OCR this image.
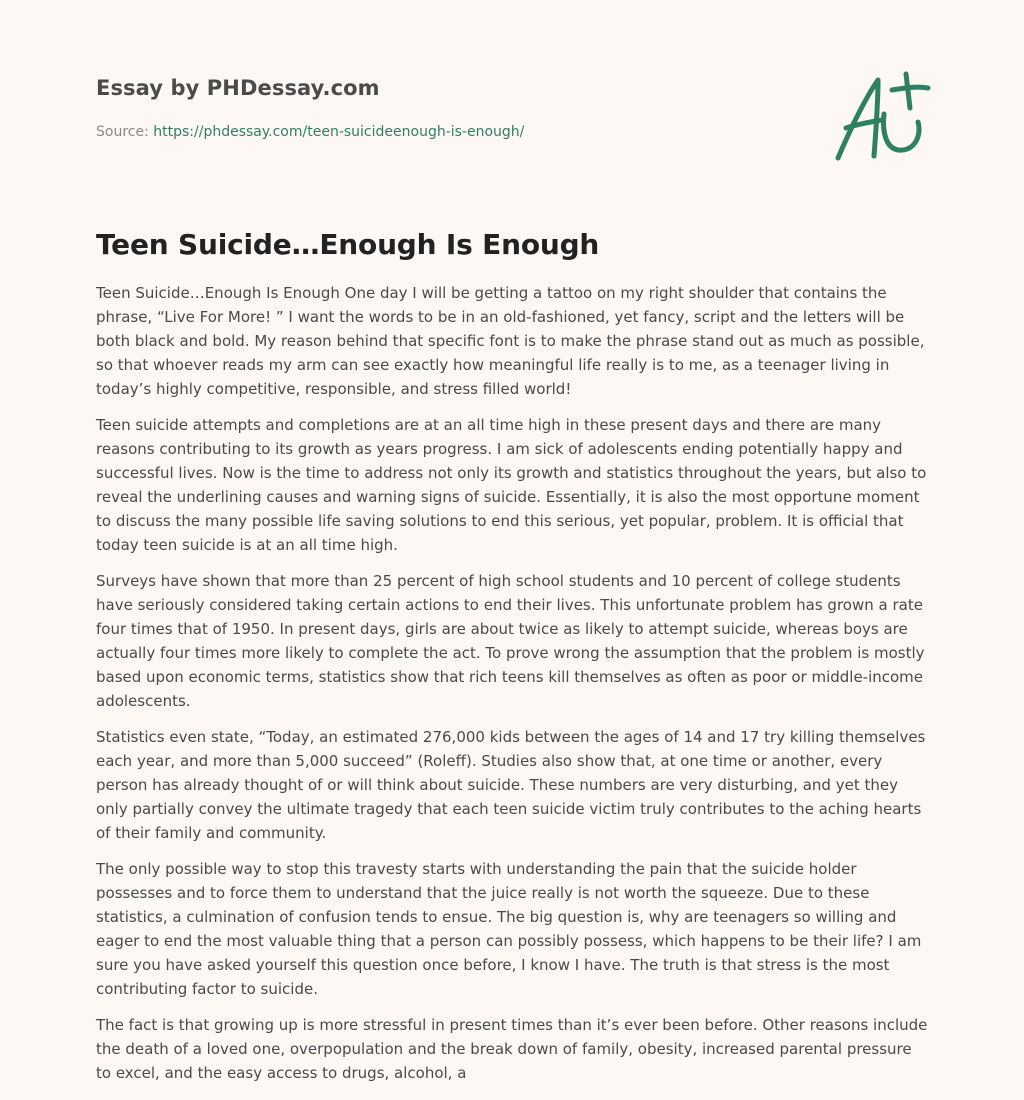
Essay by PHDessay.com
Source: https://phdessay.com/teen-suicideenough-is-enough/
Teen Suicide…Enough Is Enough

Teen Suicide…Enough Is Enough One day I will be getting a tattoo on my right shoulder that contains the phrase, “Live For More! ” I want the words to be in an old-fashioned, yet fancy, script and the letters will be both black and bold. My reason behind that specific font is to make the phrase stand out as much as possible, so that whoever reads my arm can see exactly how meaningful life really is to me, as a teenager living in today’s highly competitive, responsible, and stress filled world!

Teen suicide attempts and completions are at an all time high in these present days and there are many reasons contributing to its growth as years progress. I am sick of adolescents ending potentially happy and successful lives. Now is the time to address not only its growth and statistics throughout the years, but also to reveal the underlining causes and warning signs of suicide. Essentially, it is also the most opportune moment to discuss the many possible life saving solutions to end this serious, yet popular, problem. It is official that today teen suicide is at an all time high.

Surveys have shown that more than 25 percent of high school students and 10 percent of college students have seriously considered taking certain actions to end their lives. This unfortunate problem has grown a rate four times that of 1950. In present days, girls are about twice as likely to attempt suicide, whereas boys are actually four times more likely to complete the act. To prove wrong the assumption that the problem is mostly based upon economic terms, statistics show that rich teens kill themselves as often as poor or middle-income adolescents.

Statistics even state, “Today, an estimated 276,000 kids between the ages of 14 and 17 try killing themselves each year, and more than 5,000 succeed” (Roleff). Studies also show that, at one time or another, every person has already thought of or will think about suicide. These numbers are very disturbing, and yet they only partially convey the ultimate tragedy that each teen suicide victim truly contributes to the aching hearts of their family and community.

The only possible way to stop this travesty starts with understanding the pain that the suicide holder possesses and to force them to understand that the juice really is not worth the squeeze. Due to these statistics, a culmination of confusion tends to ensue. The big question is, why are teenagers so willing and eager to end the most valuable thing that a person can possibly possess, which happens to be their life? I am sure you have asked yourself this question once before, I know I have. The truth is that stress is the most contributing factor to suicide.

The fact is that growing up is more stressful in present times than it’s ever been before. Other reasons include the death of a loved one, overpopulation and the break down of family, obesity, increased parental pressure to excel, and the easy access to drugs, alcohol, a
